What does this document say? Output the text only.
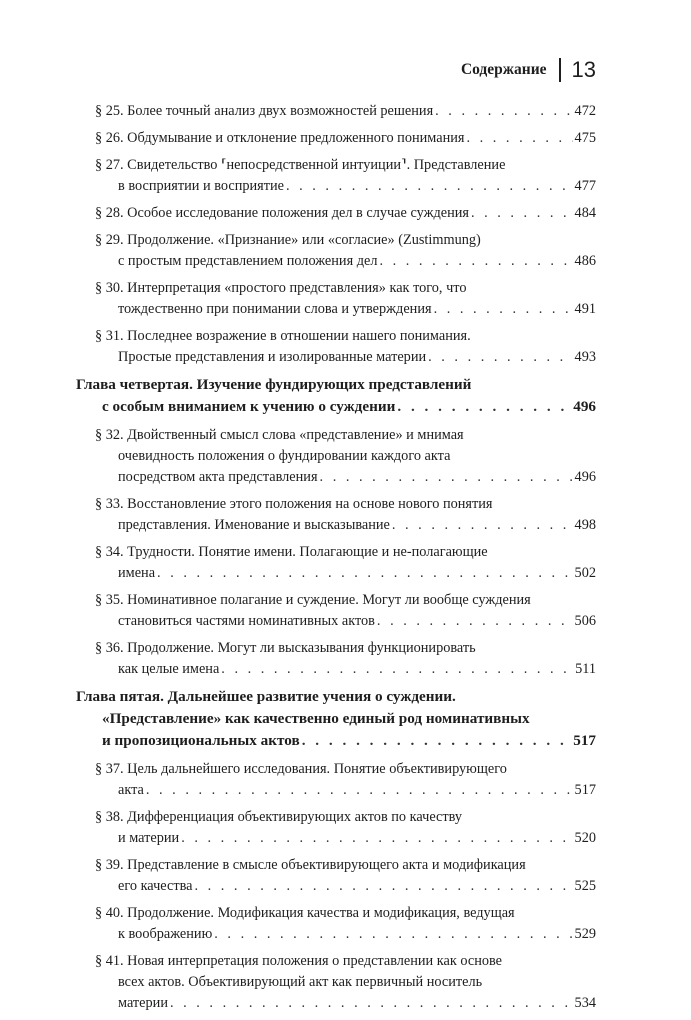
Содержание 13
§ 25. Более точный анализ двух возможностей решения . . .	472
§ 26. Обдумывание и отклонение предложенного понимания . . .	475
§ 27. Свидетельство ⸢непосредственной интуиции⸣. Представление
в восприятии и восприятие . . .	477
§ 28. Особое исследование положения дел в случае суждения . . .	484
§ 29. Продолжение. «Признание» или «согласие» (Zustimmung)
с простым представлением положения дел . . .	486
§ 30. Интерпретация «простого представления» как того, что
тождественно при понимании слова и утверждения . . .	491
§ 31. Последнее возражение в отношении нашего понимания.
Простые представления и изолированные материи . . .	493
Глава четвертая. Изучение фундирующих представлений
с особым вниманием к учению о суждении . . .	496
§ 32. Двойственный смысл слова «представление» и мнимая
очевидность положения о фундировании каждого акта
посредством акта представления . . .	496
§ 33. Восстановление этого положения на основе нового понятия
представления. Именование и высказывание . . .	498
§ 34. Трудности. Понятие имени. Полагающие и не-полагающие
имена . . .	502
§ 35. Номинативное полагание и суждение. Могут ли вообще суждения
становиться частями номинативных актов . . .	506
§ 36. Продолжение. Могут ли высказывания функционировать
как целые имена . . .	511
Глава пятая. Дальнейшее развитие учения о суждении.
«Представление» как качественно единый род номинативных
и пропозициональных актов . . .	517
§ 37. Цель дальнейшего исследования. Понятие объективирующего
акта . . .	517
§ 38. Дифференциация объективирующих актов по качеству
и материи . . .	520
§ 39. Представление в смысле объективирующего акта и модификация
его качества . . .	525
§ 40. Продолжение. Модификация качества и модификация, ведущая
к воображению . . .	529
§ 41. Новая интерпретация положения о представлении как основе
всех актов. Объективирующий акт как первичный носитель
материи . . .	534
